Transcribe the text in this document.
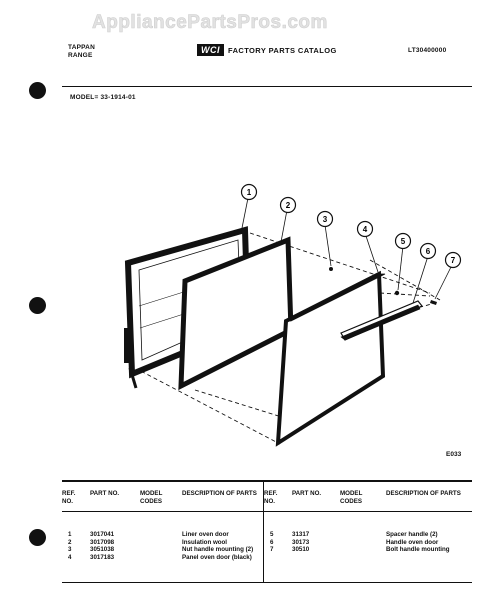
AppliancePartsPros.com
TAPPAN
RANGE
WCI	FACTORY PARTS CATALOG	LT30400000
MODEL= 33-1914-01
1
2
3
4
5
6
7
E033
REF. NO.	PART NO.	MODEL CODES	DESCRIPTION OF PARTS	REF. NO.	PART NO.	MODEL CODES	DESCRIPTION OF PARTS
1	3017041		Liner oven door	5	31317		Spacer handle (2)
2	3017098		Insulation wool	6	30173		Handle oven door
3	3051038		Nut handle mounting (2)	7	30510		Bolt handle mounting
4	3017183		Panel oven door (black)				
